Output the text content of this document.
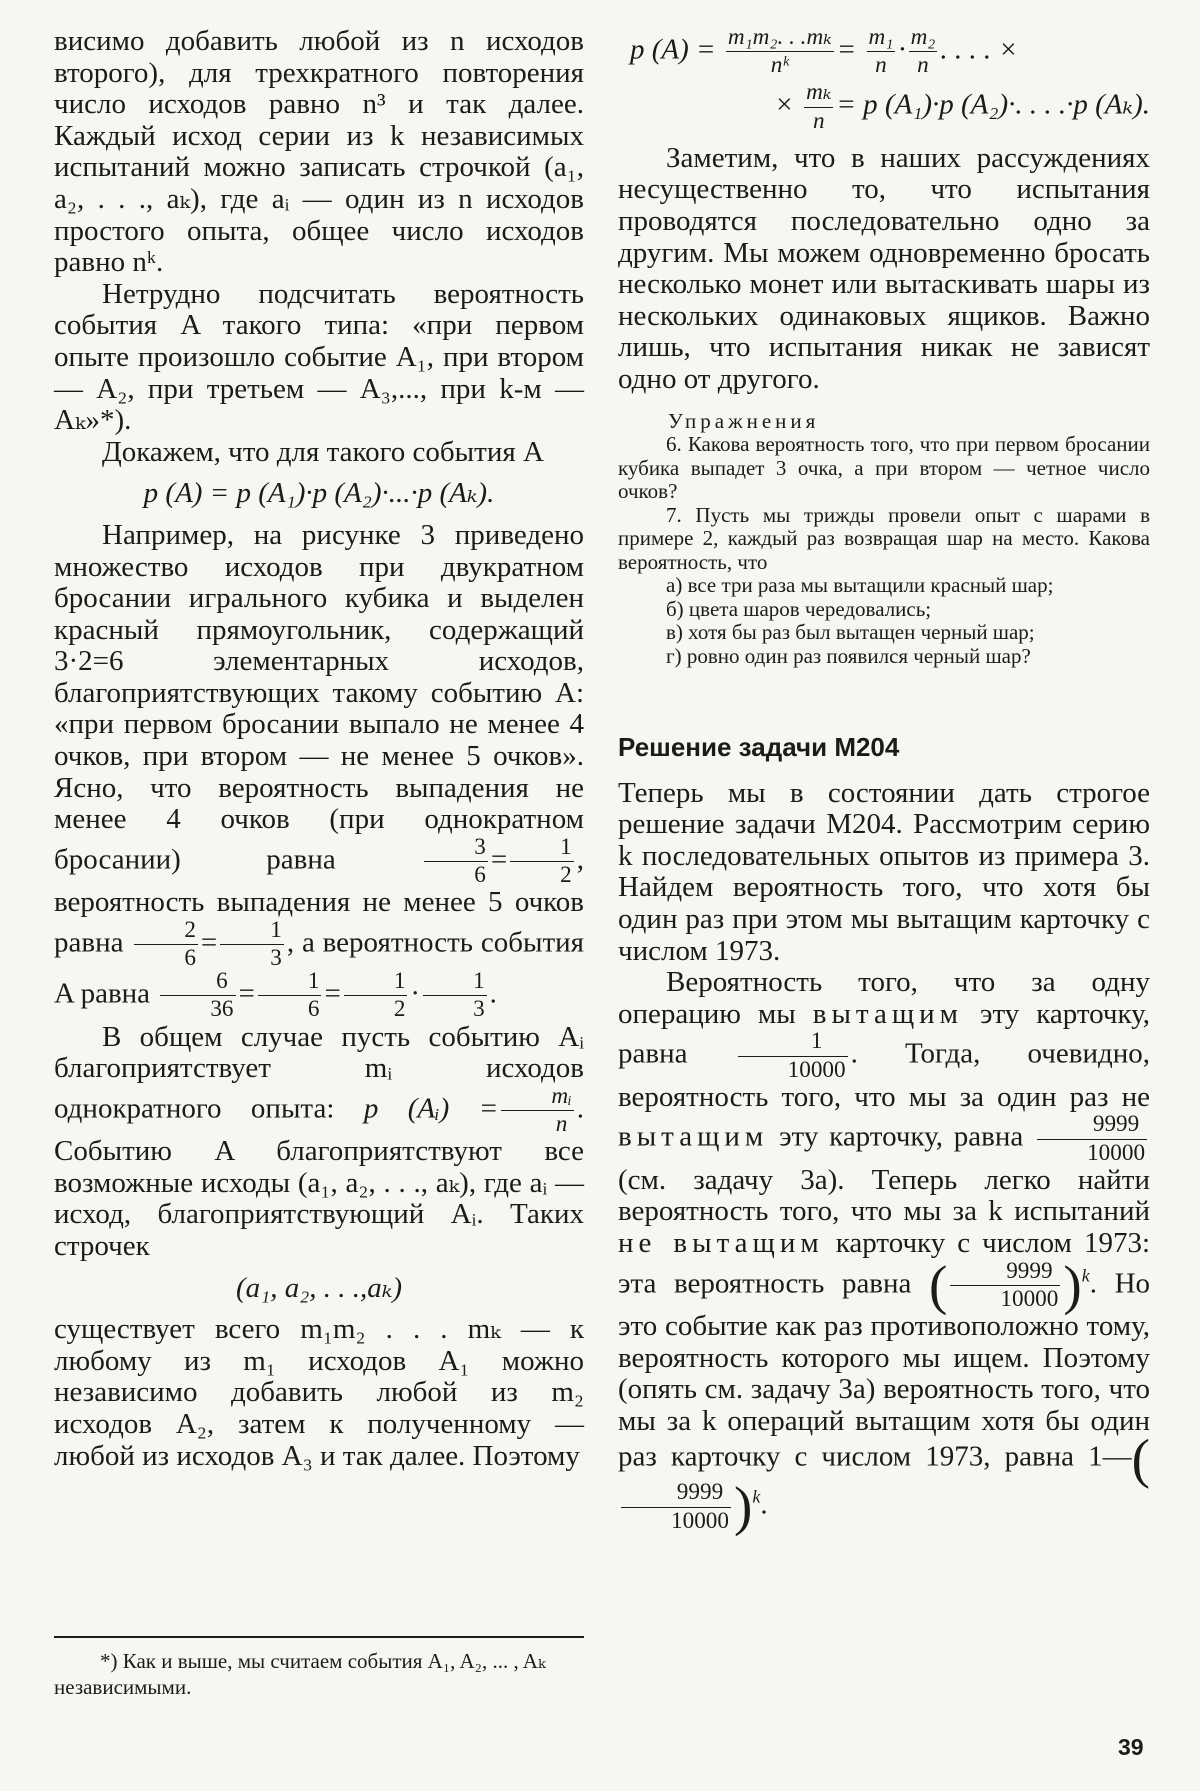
висимо добавить любой из n исходов второго), для трехкратного повторения число исходов равно n³ и так далее. Каждый исход серии из k независимых испытаний можно записать строчкой (a₁, a₂, . . ., aₖ), где aᵢ — один из n исходов простого опыта, общее число исходов равно nᵏ.

Нетрудно подсчитать вероятность события A такого типа: «при первом опыте произошло событие A₁, при втором — A₂, при третьем — A₃,..., при k-м — Aₖ»*).

Докажем, что для такого события A

p (A) = p (A₁)·p (A₂)·...·p (Aₖ).

Например, на рисунке 3 приведено множество исходов при двукратном бросании игрального кубика и выделен красный прямоугольник, содержащий 3·2=6 элементарных исходов, благоприятствующих такому событию A: «при первом бросании выпало не менее 4 очков, при втором — не менее 5 очков». Ясно, что вероятность выпадения не менее 4 очков (при однократном бросании) равна	$\frac{3}{6} = \frac{1}{2}$ , вероятность выпадения не менее 5 очков равна $\frac{2}{6} = \frac{1}{3}$ , а вероятность события A равна $\frac{6}{36} = \frac{1}{6} = \frac{1}{2} \cdot \frac{1}{3}$ .

В общем случае пусть событию Aᵢ благоприятствует mᵢ исходов однократного опыта: p (Aᵢ) = $\frac{\text{mᵢ}}{n}$ . Событию A благоприятствуют все возможные исходы (a₁, a₂, . . ., aₖ), где aᵢ — исход, благоприятствующий Aᵢ. Таких строчек

(a₁, a₂, . . .,aₖ)

существует всего m₁m₂ . . . mₖ — к любому из m₁ исходов A₁ можно независимо добавить любой из m₂ исходов A₂, затем к полученному — любой из исходов A₃ и так далее. Поэтому

*) Как и выше, мы считаем события A₁, A₂, ... , Aₖ независимыми.

p $(A) = \frac{\text{m₁m₂. . .mₖ}}{\text{nᵏ}} = \frac{\text{m₁}}{n} \cdot \frac{\text{m₂}}{n}$ . . . . ×

× $\frac{\text{mₖ}}{n} = p$ (A₁)·p (A₂)·. . . .·p (Aₖ).

Заметим, что в наших рассуждениях несущественно то, что испытания проводятся последовательно одно за другим. Мы можем одновременно бросать несколько монет или вытаскивать шары из нескольких одинаковых ящиков. Важно лишь, что испытания никак не зависят одно от другого.

Упражнения

6. Какова вероятность того, что при первом бросании кубика выпадет 3 очка, а при втором — четное число очков?

7. Пусть мы трижды провели опыт с шарами в примере 2, каждый раз возвращая шар на место. Какова вероятность, что

а) все три раза мы вытащили красный шар;

б) цвета шаров чередовались;

в) хотя бы раз был вытащен черный шар;

г) ровно один раз появился черный шар?

Решение задачи М204

Теперь мы в состоянии дать строгое решение задачи М204. Рассмотрим серию k последовательных опытов из примера 3. Найдем вероятность того, что хотя бы один раз при этом мы вытащим карточку с числом 1973.

Вероятность того, что за одну операцию мы вытащим эту карточку, равна $\frac{1}{10000}$ . Тогда, очевидно, вероятность того, что мы за один раз не вытащим эту карточку, равна $\frac{9999}{10000}$
(см. задачу 3а). Теперь легко найти вероятность того, что мы за k испытаний не вытащим карточку с числом 1973: эта вероятность равна ( $\frac{9999}{10000} )^k$. Но это событие как раз противоположно тому, вероятность которого мы ищем. Поэтому (опять см. задачу 3а) вероятность того, что мы за k операций вытащим хотя бы один раз карточку с числом 1973, равна 1—(
$\frac{9999}{10000} )^k$.

39
